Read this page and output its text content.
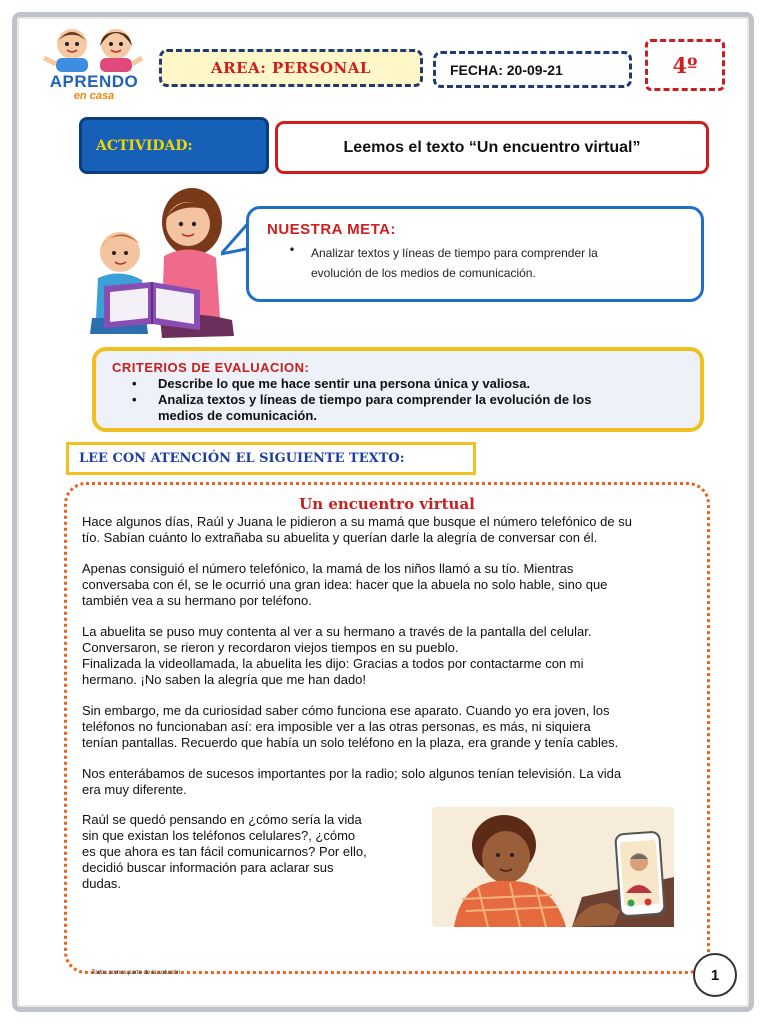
APRENDO
en casa
AREA : PERSONAL	FECHA: 20-09-21	4º
ACTIVIDAD:	Leemos el texto “Un encuentro virtual”
NUESTRA META:
•	Analizar textos y líneas de tiempo para comprender la
evolución de los medios de comunicación.
CRITERIOS DE EVALUACION:
• Describe lo que me hace sentir una persona única y valiosa.
• Analiza textos y líneas de tiempo para comprender la evolución de los
medios de comunicación.
LEE CON ATENCIÓN EL SIGUIENTE TEXTO:
Un encuentro virtual
Hace algunos días, Raúl y Juana le pidieron a su mamá que busque el número telefónico de su
tío. Sabían cuánto lo extrañaba su abuelita y querían darle la alegría de conversar con él.
Apenas consiguió el número telefónico, la mamá de los niños llamó a su tío. Mientras
conversaba con él, se le ocurrió una gran idea: hacer que la abuela no solo hable, sino que
también vea a su hermano por teléfono.
La abuelita se puso muy contenta al ver a su hermano a través de la pantalla del celular.
Conversaron, se rieron y recordaron viejos tiempos en su pueblo.
Finalizada la videollamada, la abuelita les dijo: Gracias a todos por contactarme con mi
hermano. ¡No saben la alegría que me han dado!
Sin embargo, me da curiosidad saber cómo funciona ese aparato. Cuando yo era joven, los
teléfonos no funcionaban así: era imposible ver a las otras personas, es más, ni siquiera
tenían pantallas. Recuerdo que había un solo teléfono en la plaza, era grande y tenía cables.
Nos enterábamos de sucesos importantes por la radio; solo algunos tenían televisión. La vida
era muy diferente.
Raúl se quedó pensando en ¿cómo sería la vida
sin que existan los teléfonos celulares?, ¿cómo
es que ahora es tan fácil comunicarnos? Por ello,
decidió buscar información para aclarar sus
dudas.
Todos somos parte de la solución	1
